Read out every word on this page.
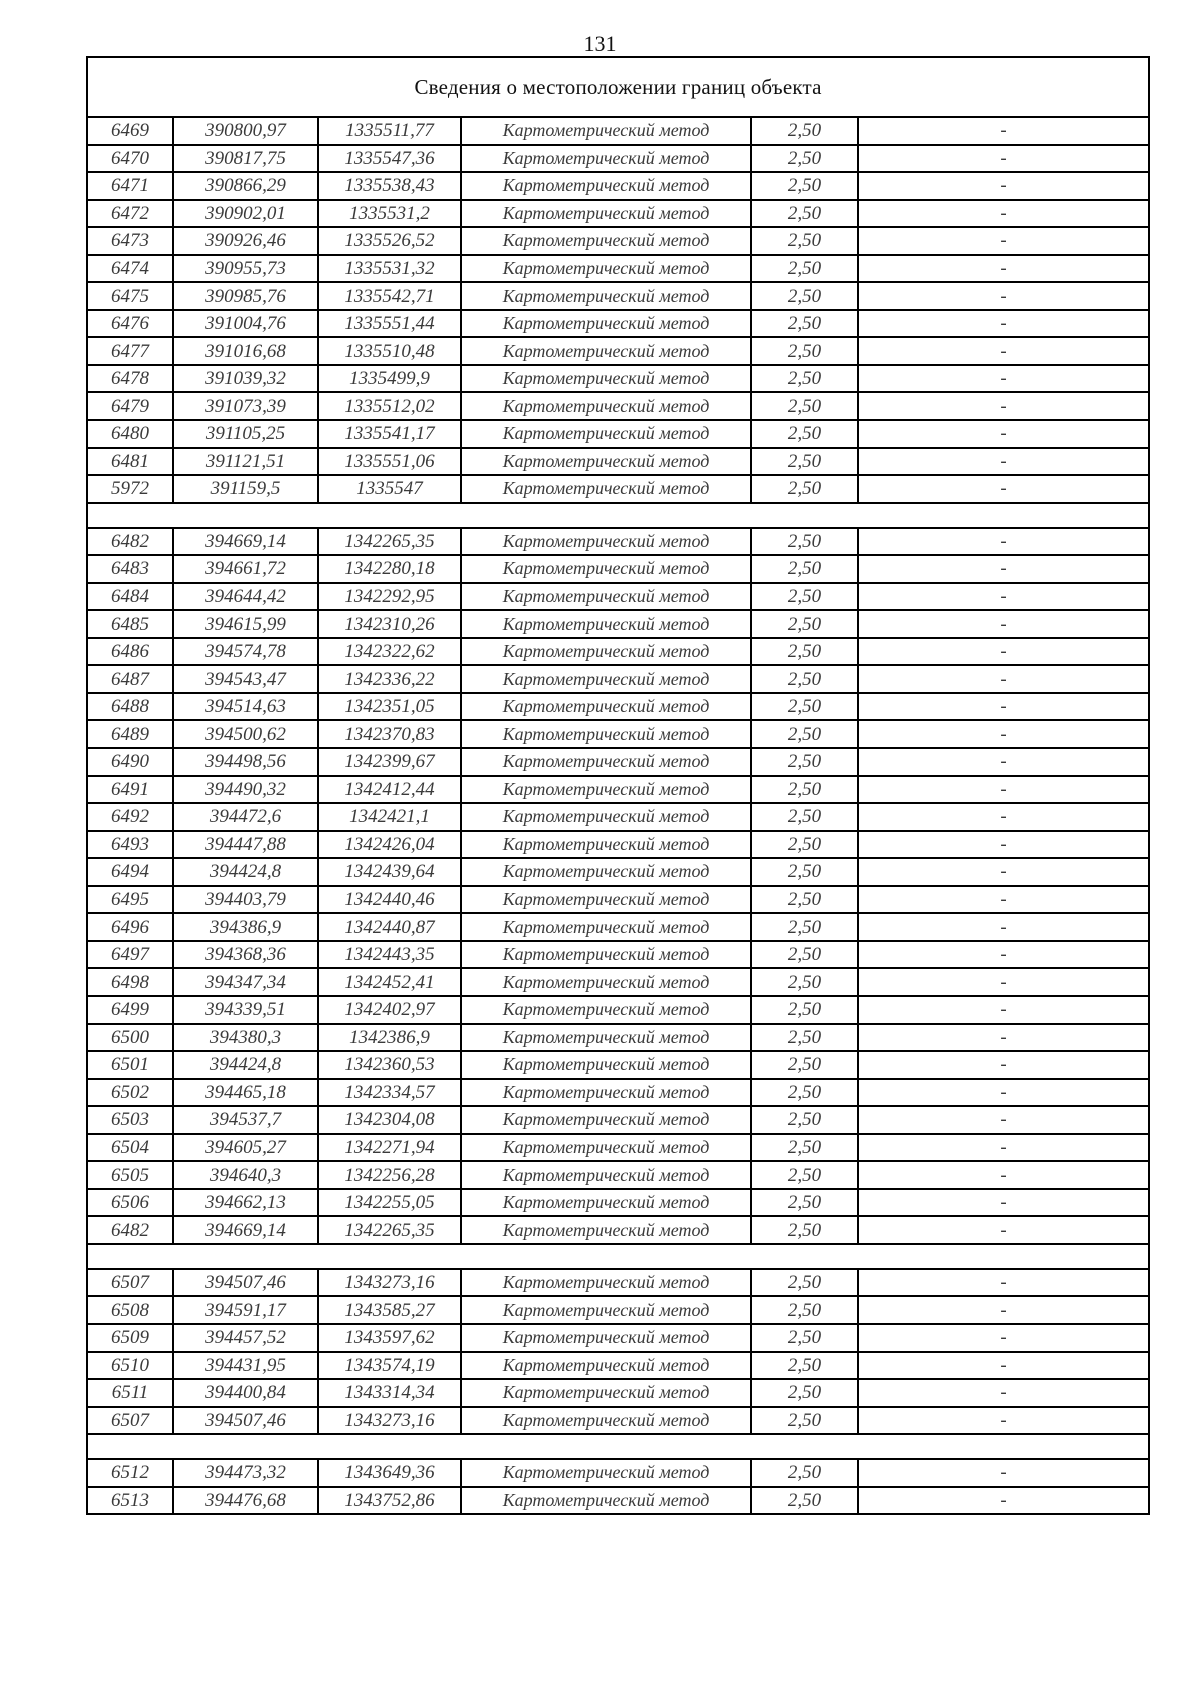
131
Сведения о местоположении границ объекта					
6469	390800,97	1335511,77	Картометрический метод	2,50	-
6470	390817,75	1335547,36	Картометрический метод	2,50	-
6471	390866,29	1335538,43	Картометрический метод	2,50	-
6472	390902,01	1335531,2	Картометрический метод	2,50	-
6473	390926,46	1335526,52	Картометрический метод	2,50	-
6474	390955,73	1335531,32	Картометрический метод	2,50	-
6475	390985,76	1335542,71	Картометрический метод	2,50	-
6476	391004,76	1335551,44	Картометрический метод	2,50	-
6477	391016,68	1335510,48	Картометрический метод	2,50	-
6478	391039,32	1335499,9	Картометрический метод	2,50	-
6479	391073,39	1335512,02	Картометрический метод	2,50	-
6480	391105,25	1335541,17	Картометрический метод	2,50	-
6481	391121,51	1335551,06	Картометрический метод	2,50	-
5972	391159,5	1335547	Картометрический метод	2,50	-

6482	394669,14	1342265,35	Картометрический метод	2,50	-
6483	394661,72	1342280,18	Картометрический метод	2,50	-
6484	394644,42	1342292,95	Картометрический метод	2,50	-
6485	394615,99	1342310,26	Картометрический метод	2,50	-
6486	394574,78	1342322,62	Картометрический метод	2,50	-
6487	394543,47	1342336,22	Картометрический метод	2,50	-
6488	394514,63	1342351,05	Картометрический метод	2,50	-
6489	394500,62	1342370,83	Картометрический метод	2,50	-
6490	394498,56	1342399,67	Картометрический метод	2,50	-
6491	394490,32	1342412,44	Картометрический метод	2,50	-
6492	394472,6	1342421,1	Картометрический метод	2,50	-
6493	394447,88	1342426,04	Картометрический метод	2,50	-
6494	394424,8	1342439,64	Картометрический метод	2,50	-
6495	394403,79	1342440,46	Картометрический метод	2,50	-
6496	394386,9	1342440,87	Картометрический метод	2,50	-
6497	394368,36	1342443,35	Картометрический метод	2,50	-
6498	394347,34	1342452,41	Картометрический метод	2,50	-
6499	394339,51	1342402,97	Картометрический метод	2,50	-
6500	394380,3	1342386,9	Картометрический метод	2,50	-
6501	394424,8	1342360,53	Картометрический метод	2,50	-
6502	394465,18	1342334,57	Картометрический метод	2,50	-
6503	394537,7	1342304,08	Картометрический метод	2,50	-
6504	394605,27	1342271,94	Картометрический метод	2,50	-
6505	394640,3	1342256,28	Картометрический метод	2,50	-
6506	394662,13	1342255,05	Картометрический метод	2,50	-
6482	394669,14	1342265,35	Картометрический метод	2,50	-

6507	394507,46	1343273,16	Картометрический метод	2,50	-
6508	394591,17	1343585,27	Картометрический метод	2,50	-
6509	394457,52	1343597,62	Картометрический метод	2,50	-
6510	394431,95	1343574,19	Картометрический метод	2,50	-
6511	394400,84	1343314,34	Картометрический метод	2,50	-
6507	394507,46	1343273,16	Картометрический метод	2,50	-

6512	394473,32	1343649,36	Картометрический метод	2,50	-
6513	394476,68	1343752,86	Картометрический метод	2,50	-
